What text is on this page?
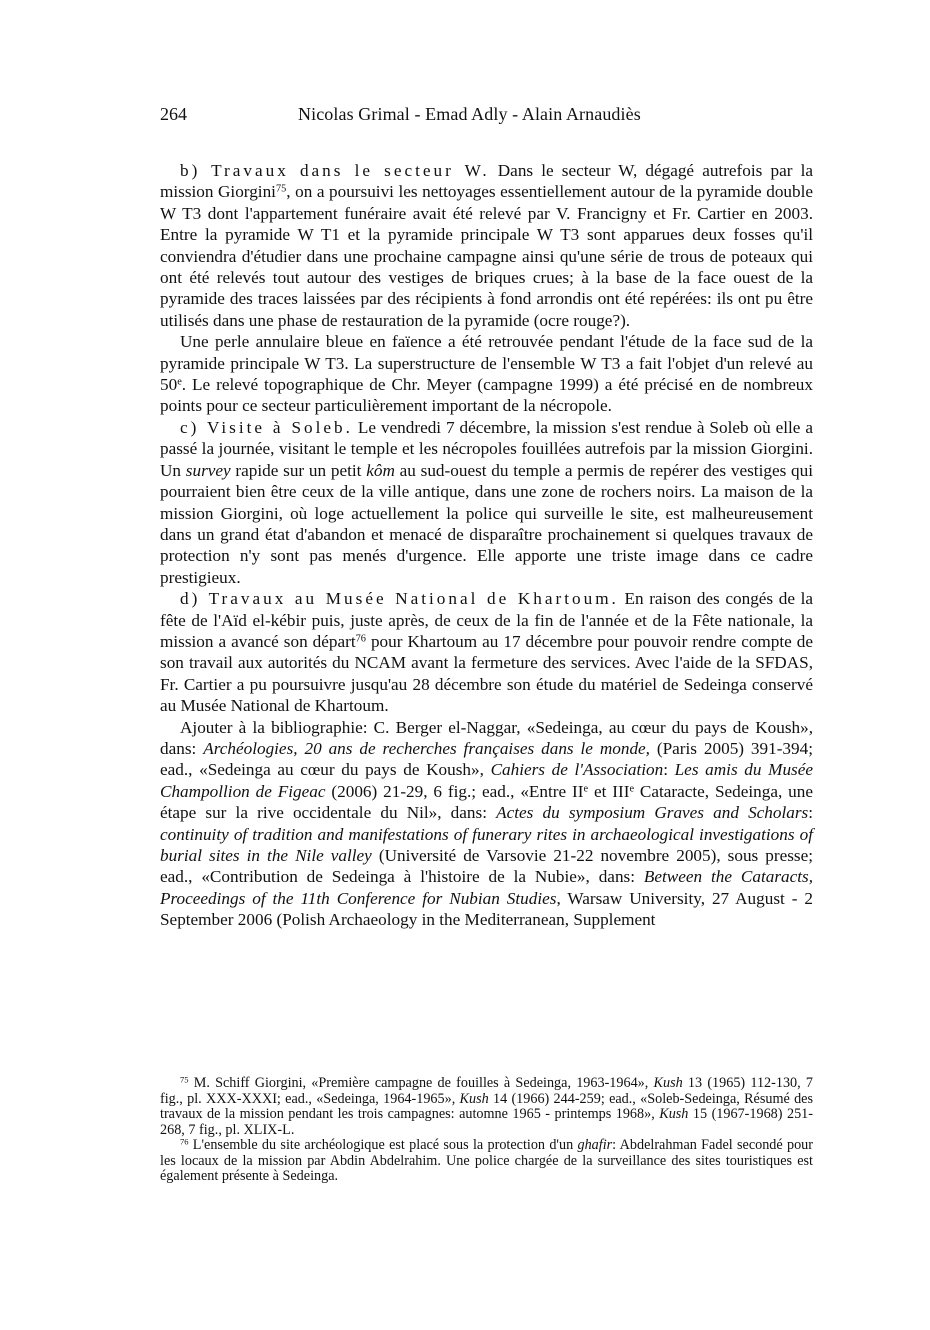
264	Nicolas Grimal - Emad Adly - Alain Arnaudiès

b) Travaux dans le secteur W. Dans le secteur W, dégagé autrefois par la mission Giorgini$^{75}$, on a poursuivi les nettoyages essentiellement autour de la pyramide double W T3 dont l'appartement funéraire avait été relevé par V. Francigny et Fr. Cartier en 2003. Entre la pyramide W T1 et la pyramide principale W T3 sont apparues deux fosses qu'il conviendra d'étudier dans une prochaine campagne ainsi qu'une série de trous de poteaux qui ont été relevés tout autour des vestiges de briques crues; à la base de la face ouest de la pyramide des traces laissées par des récipients à fond arrondis ont été repérées: ils ont pu être utilisés dans une phase de restauration de la pyramide (ocre rouge?).

Une perle annulaire bleue en faïence a été retrouvée pendant l'étude de la face sud de la pyramide principale W T3. La superstructure de l'ensemble W T3 a fait l'objet d'un relevé au 50e. Le relevé topographique de Chr. Meyer (campagne 1999) a été précisé en de nombreux points pour ce secteur particulièrement important de la nécropole.

c) Visite à Soleb. Le vendredi 7 décembre, la mission s'est rendue à Soleb où elle a passé la journée, visitant le temple et les nécropoles fouillées autrefois par la mission Giorgini. Un survey rapide sur un petit kôm au sud-ouest du temple a permis de repérer des vestiges qui pourraient bien être ceux de la ville antique, dans une zone de rochers noirs. La maison de la mission Giorgini, où loge actuellement la police qui surveille le site, est malheureusement dans un grand état d'abandon et menacé de disparaître prochainement si quelques travaux de protection n'y sont pas menés d'urgence. Elle apporte une triste image dans ce cadre prestigieux.

d) Travaux au Musée National de Khartoum. En raison des congés de la fête de l'Aïd el-kébir puis, juste après, de ceux de la fin de l'année et de la Fête nationale, la mission a avancé son départ$^{76}$ pour Khartoum au 17 décembre pour pouvoir rendre compte de son travail aux autorités du NCAM avant la fermeture des services. Avec l'aide de la SFDAS, Fr. Cartier a pu poursuivre jusqu'au 28 décembre son étude du matériel de Sedeinga conservé au Musée National de Khartoum.

Ajouter à la bibliographie: C. Berger el-Naggar, «Sedeinga, au cœur du pays de Koush», dans: Archéologies, 20 ans de recherches françaises dans le monde, (Paris 2005) 391-394; ead., «Sedeinga au cœur du pays de Koush», Cahiers de l'Association: Les amis du Musée Champollion de Figeac (2006) 21-29, 6 fig.; ead., «Entre IIe et IIIe Cataracte, Sedeinga, une étape sur la rive occidentale du Nil», dans: Actes du symposium Graves and Scholars: continuity of tradition and manifestations of funerary rites in archaeological investigations of burial sites in the Nile valley (Université de Varsovie 21-22 novembre 2005), sous presse; ead., «Contribution de Sedeinga à l'histoire de la Nubie», dans: Between the Cataracts, Proceedings of the 11th Conference for Nubian Studies, Warsaw University, 27 August - 2 September 2006 (Polish Archaeology in the Mediterranean, Supplement

$^{75}$ M. Schiff Giorgini, «Première campagne de fouilles à Sedeinga, 1963-1964», Kush 13 (1965) 112-130, 7 fig., pl. XXX-XXXI; ead., «Sedeinga, 1964-1965», Kush 14 (1966) 244-259; ead., «Soleb-Sedeinga, Résumé des travaux de la mission pendant les trois campagnes: automne 1965 - printemps 1968», Kush 15 (1967-1968) 251-268, 7 fig., pl. XLIX-L.

$^{76}$ L'ensemble du site archéologique est placé sous la protection d'un ghafir: Abdelrahman Fadel secondé pour les locaux de la mission par Abdin Abdelrahim. Une police chargée de la surveillance des sites touristiques est également présente à Sedeinga.
